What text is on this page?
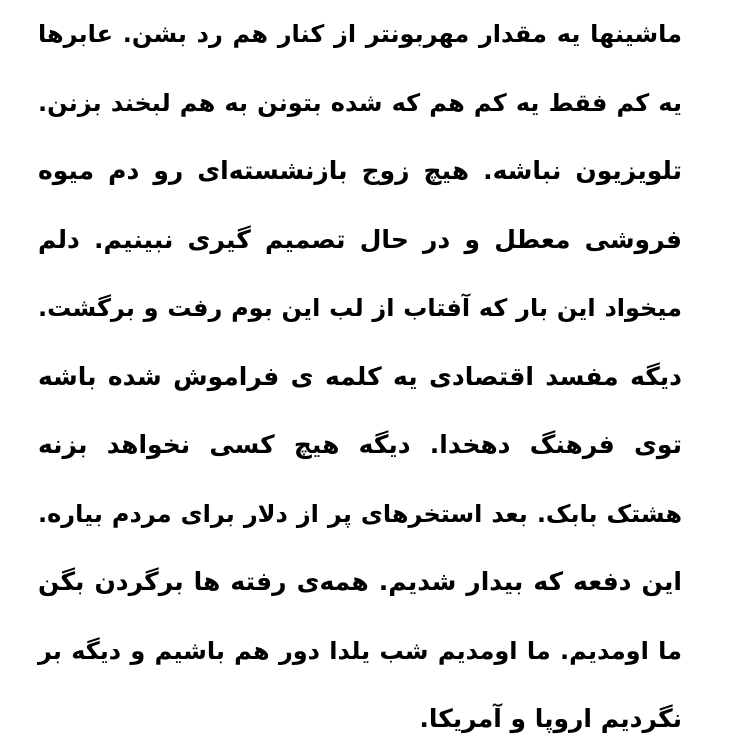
ماشینها یه مقدار مهربونتر از کنار هم رد بشن. عابرها
یه کم فقط یه کم هم که شده بتونن به هم لبخند بزنن.
تلویزیون نباشه. هیچ زوج بازنشسته‌ای رو دم میوه
فروشی معطل و در حال تصمیم گیری نبینیم. دلم
میخواد این بار که آفتاب از لب این بوم رفت و برگشت.
دیگه مفسد اقتصادی یه کلمه ی فراموش شده باشه
توی فرهنگ دهخدا. دیگه هیچ کسی نخواهد بزنه
هشتک بابک. بعد استخرهای پر از دلار برای مردم بیاره.
این دفعه که بیدار شدیم. همه‌ی رفته ها برگردن بگن
ما اومدیم. ما اومدیم شب یلدا دور هم باشیم و دیگه بر
نگردیم اروپا و آمریکا.
